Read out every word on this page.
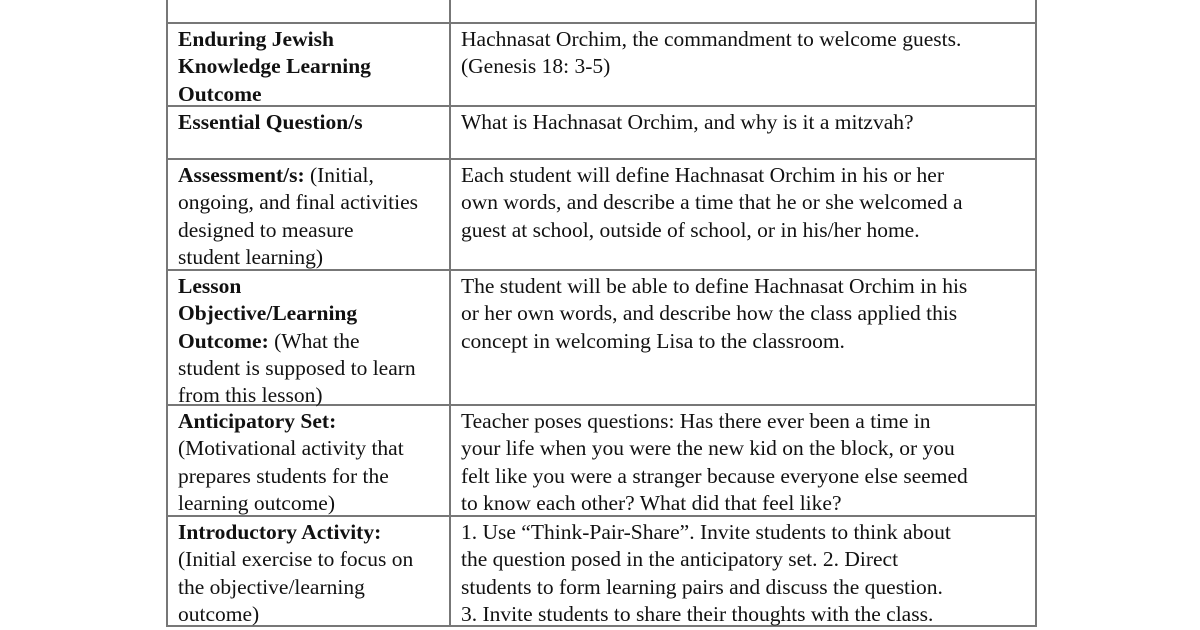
Enduring Jewish
Knowledge Learning
Outcome
Hachnasat Orchim, the commandment to welcome guests.
(Genesis 18: 3-5)
Essential Question/s	What is Hachnasat Orchim, and why is it a mitzvah?
Assessment/s: (Initial,
ongoing, and final activities
designed to measure
student learning)
Each student will define Hachnasat Orchim in his or her
own words, and describe a time that he or she welcomed a
guest at school, outside of school, or in his/her home.
Lesson
Objective/Learning
Outcome: (What the
student is supposed to learn
from this lesson)
The student will be able to define Hachnasat Orchim in his
or her own words, and describe how the class applied this
concept in welcoming Lisa to the classroom.
Anticipatory Set:
(Motivational activity that
prepares students for the
learning outcome)
Teacher poses questions: Has there ever been a time in
your life when you were the new kid on the block, or you
felt like you were a stranger because everyone else seemed
to know each other? What did that feel like?
Introductory Activity:
(Initial exercise to focus on
the objective/learning
outcome)
1. Use “Think-Pair-Share”. Invite students to think about
the question posed in the anticipatory set. 2. Direct
students to form learning pairs and discuss the question.
3. Invite students to share their thoughts with the class.
